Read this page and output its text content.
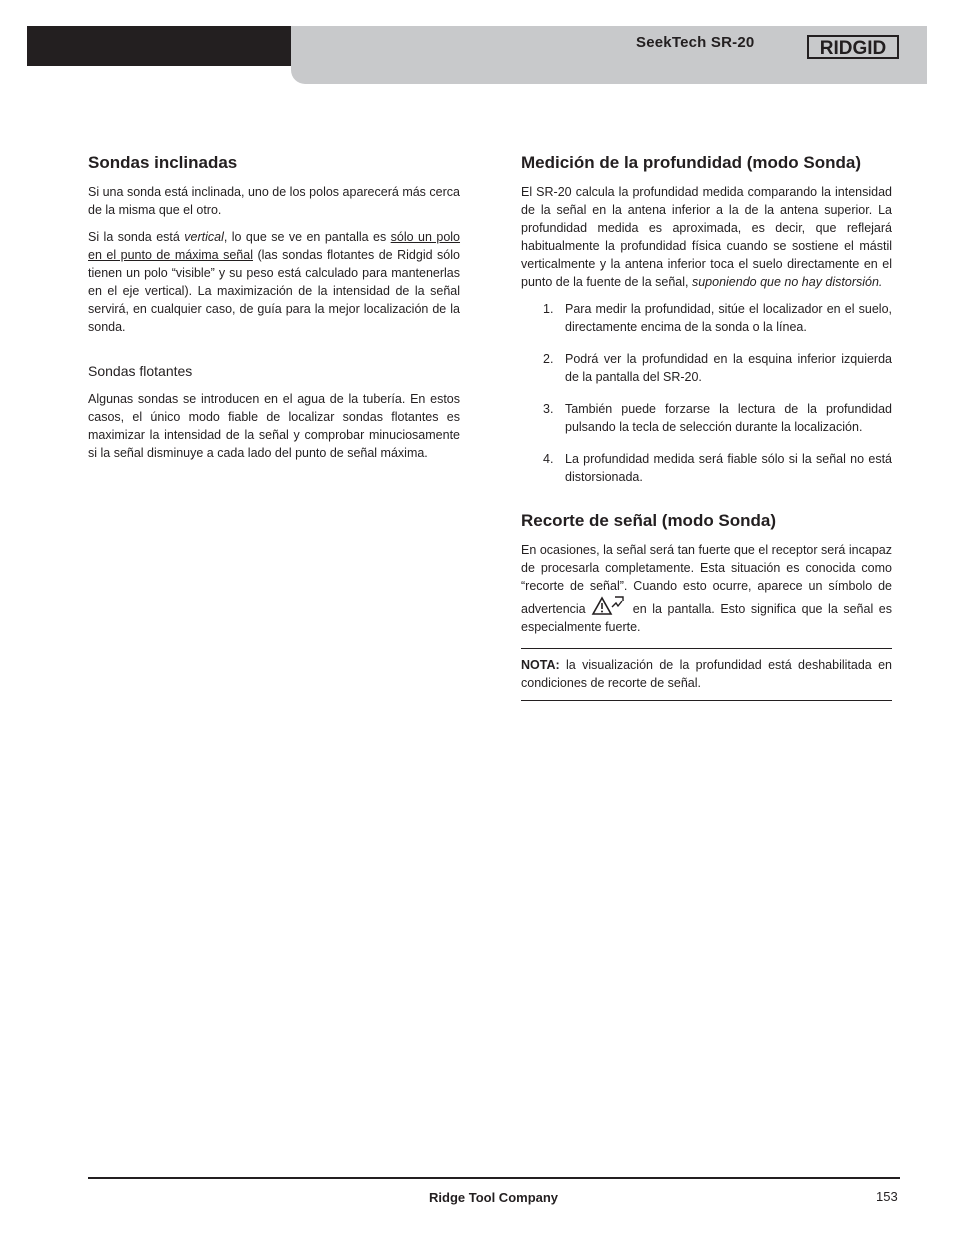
SeekTech SR-20	RIDGID
Sondas inclinadas

Si una sonda está inclinada, uno de los polos aparecerá más cerca de la misma que el otro.

Si la sonda está vertical, lo que se ve en pantalla es sólo un polo en el punto de máxima señal (las sondas flotantes de Ridgid sólo tienen un polo “visible” y su peso está calculado para mantenerlas en el eje vertical). La maximización de la intensidad de la señal servirá, en cualquier caso, de guía para la mejor localización de la sonda.

Sondas flotantes

Algunas sondas se introducen en el agua de la tubería. En estos casos, el único modo fiable de localizar sondas flotantes es maximizar la intensidad de la señal y comprobar minuciosamente si la señal disminuye a cada lado del punto de señal máxima.

Medición de la profundidad (modo Sonda)

El SR-20 calcula la profundidad medida comparando la intensidad de la señal en la antena inferior a la de la antena superior. La profundidad medida es aproximada, es decir, que reflejará habitualmente la profundidad física cuando se sostiene el mástil verticalmente y la antena inferior toca el suelo directamente en el punto de la fuente de la señal, suponiendo que no hay distorsión.

1. Para medir la profundidad, sitúe el localizador en el suelo, directamente encima de la sonda o la línea.
2. Podrá ver la profundidad en la esquina inferior izquierda de la pantalla del SR-20.
3. También puede forzarse la lectura de la profundidad pulsando la tecla de selección durante la localización.
4. La profundidad medida será fiable sólo si la señal no está distorsionada.
Recorte de señal (modo Sonda)

En ocasiones, la señal será tan fuerte que el receptor será incapaz de procesarla completamente. Esta situación es conocida como “recorte de señal”. Cuando esto ocurre, aparece un símbolo de advertencia	en la pantalla. Esto significa que la señal es especialmente fuerte.

NOTA: la visualización de la profundidad está deshabilitada en condiciones de recorte de señal.
Ridge Tool Company	153
